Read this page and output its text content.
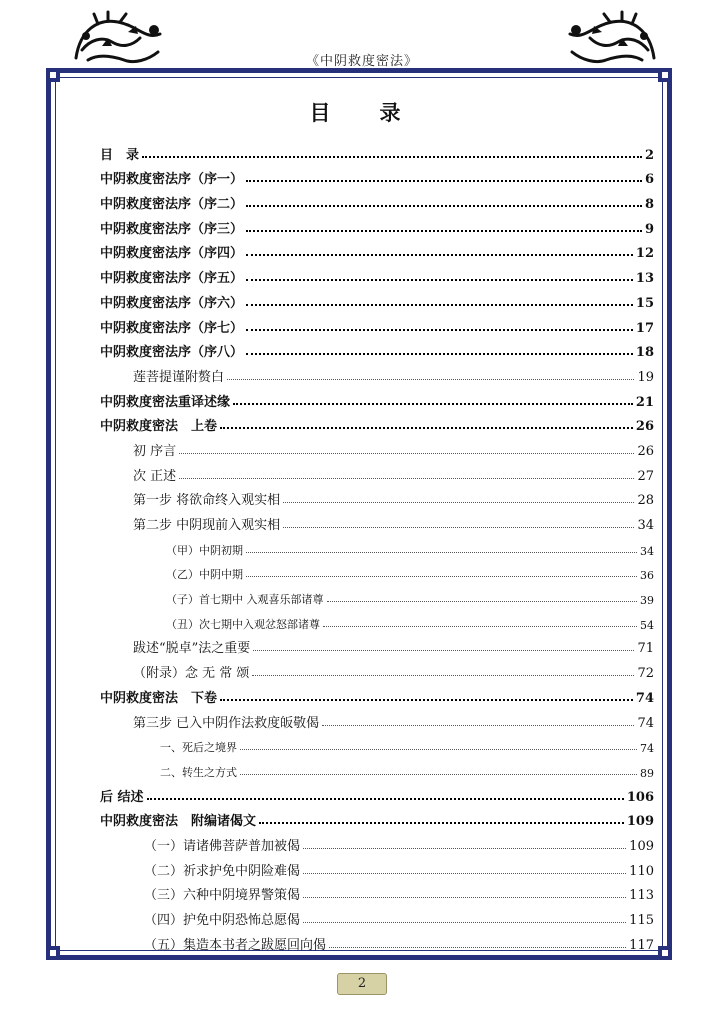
《中阴救度密法》
目　录
目　录	2
中阴救度密法序（序一）	6
中阴救度密法序（序二）	8
中阴救度密法序（序三）	9
中阴救度密法序（序四）	12
中阴救度密法序（序五）	13
中阴救度密法序（序六）	15
中阴救度密法序（序七）	17
中阴救度密法序（序八）	18
莲菩提谨附赘白	19
中阴救度密法重译述缘	21
中阴救度密法　上卷	26
初 序言	26
次 正述	27
第一步 将欲命终入观实相	28
第二步 中阴现前入观实相	34
（甲）中阴初期	34
（乙）中阴中期	36
（子）首七期中 入观喜乐部诸尊	39
（丑）次七期中入观忿怒部诸尊	54
跋述“脱卓”法之重要	71
（附录）念 无 常 颂	72
中阴救度密法　下卷	74
第三步 已入中阴作法救度皈敬偈	74
一、死后之境界	74
二、转生之方式	89
后 结述	106
中阴救度密法　附编诸偈文	109
（一）请诸佛菩萨普加被偈	109
（二）祈求护免中阴险难偈	110
（三）六种中阴境界警策偈	113
（四）护免中阴恐怖总愿偈	115
（五）集造本书者之跋愿回向偈	117
2
